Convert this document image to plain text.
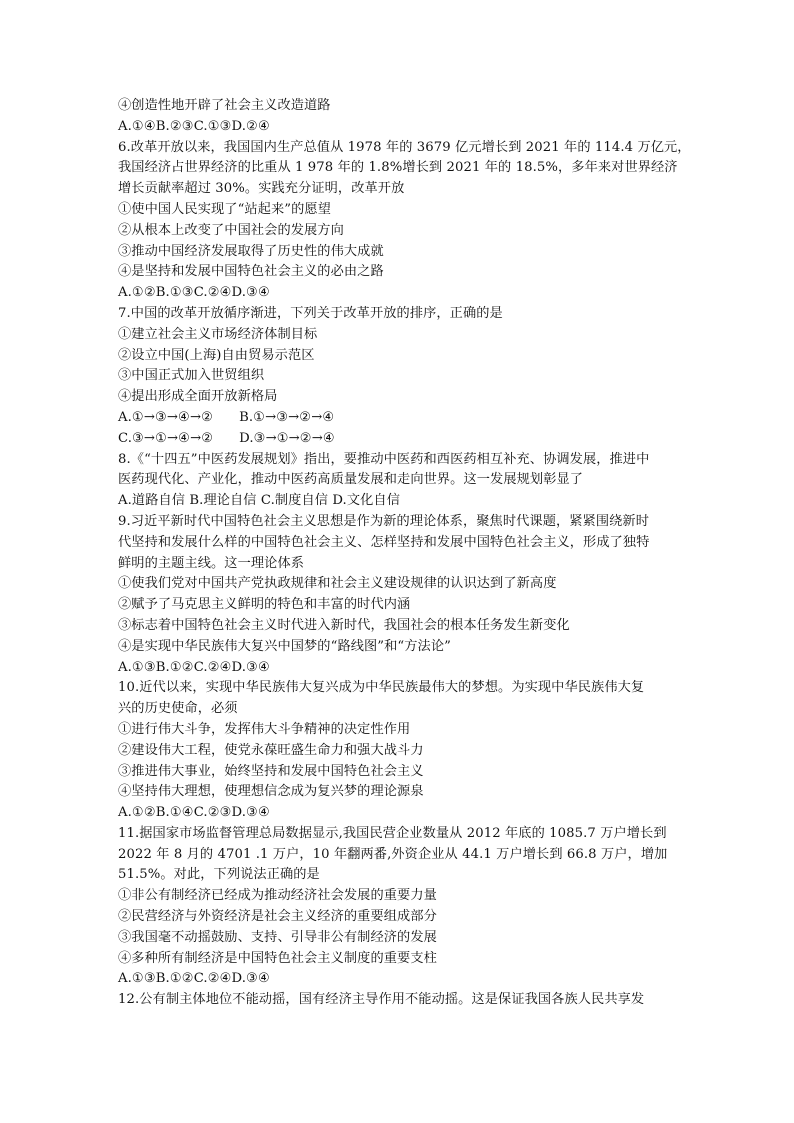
④创造性地开辟了社会主义改造道路
A.①④B.②③C.①③D.②④
6.改革开放以来，我国国内生产总值从 1978 年的 3679 亿元增长到 2021 年的 114.4 万亿元，
我国经济占世界经济的比重从 1 978 年的 1.8%增长到 2021 年的 18.5%，多年来对世界经济
增长贡献率超过 30%。实践充分证明，改革开放
①使中国人民实现了“站起来”的愿望
②从根本上改变了中国社会的发展方向
③推动中国经济发展取得了历史性的伟大成就
④是坚持和发展中国特色社会主义的必由之路
A.①②B.①③C.②④D.③④
7.中国的改革开放循序渐进，下列关于改革开放的排序，正确的是
①建立社会主义市场经济体制目标
②设立中国(上海)自由贸易示范区
③中国正式加入世贸组织
④提出形成全面开放新格局
A.①→③→④→② B.①→③→②→④
C.③→①→④→② D.③→①→②→④
8.《“十四五”中医药发展规划》指出，要推动中医药和西医药相互补充、协调发展，推进中
医药现代化、产业化，推动中医药高质量发展和走向世界。这一发展规划彰显了
A.道路自信 B.理论自信 C.制度自信 D.文化自信
9.习近平新时代中国特色社会主义思想是作为新的理论体系，聚焦时代课题，紧紧围绕新时
代坚持和发展什么样的中国特色社会主义、怎样坚持和发展中国特色社会主义，形成了独特
鲜明的主题主线。这一理论体系
①使我们党对中国共产党执政规律和社会主义建设规律的认识达到了新高度
②赋予了马克思主义鲜明的特色和丰富的时代内涵
③标志着中国特色社会主义时代进入新时代，我国社会的根本任务发生新变化
④是实现中华民族伟大复兴中国梦的“路线图”和“方法论”
A.①③B.①②C.②④D.③④
10.近代以来，实现中华民族伟大复兴成为中华民族最伟大的梦想。为实现中华民族伟大复
兴的历史使命，必须
①进行伟大斗争，发挥伟大斗争精神的决定性作用
②建设伟大工程，使党永葆旺盛生命力和强大战斗力
③推进伟大事业，始终坚持和发展中国特色社会主义
④坚持伟大理想，使理想信念成为复兴梦的理论源泉
A.①②B.①④C.②③D.③④
11.据国家市场监督管理总局数据显示,我国民营企业数量从 2012 年底的 1085.7 万户增长到
2022 年 8 月的 4701 .1 万户，10 年翻两番,外资企业从 44.1 万户增长到 66.8 万户，增加
51.5%。对此，下列说法正确的是
①非公有制经济已经成为推动经济社会发展的重要力量
②民营经济与外资经济是社会主义经济的重要组成部分
③我国毫不动摇鼓励、支持、引导非公有制经济的发展
④多种所有制经济是中国特色社会主义制度的重要支柱
A.①③B.①②C.②④D.③④
12.公有制主体地位不能动摇，国有经济主导作用不能动摇。这是保证我国各族人民共享发
